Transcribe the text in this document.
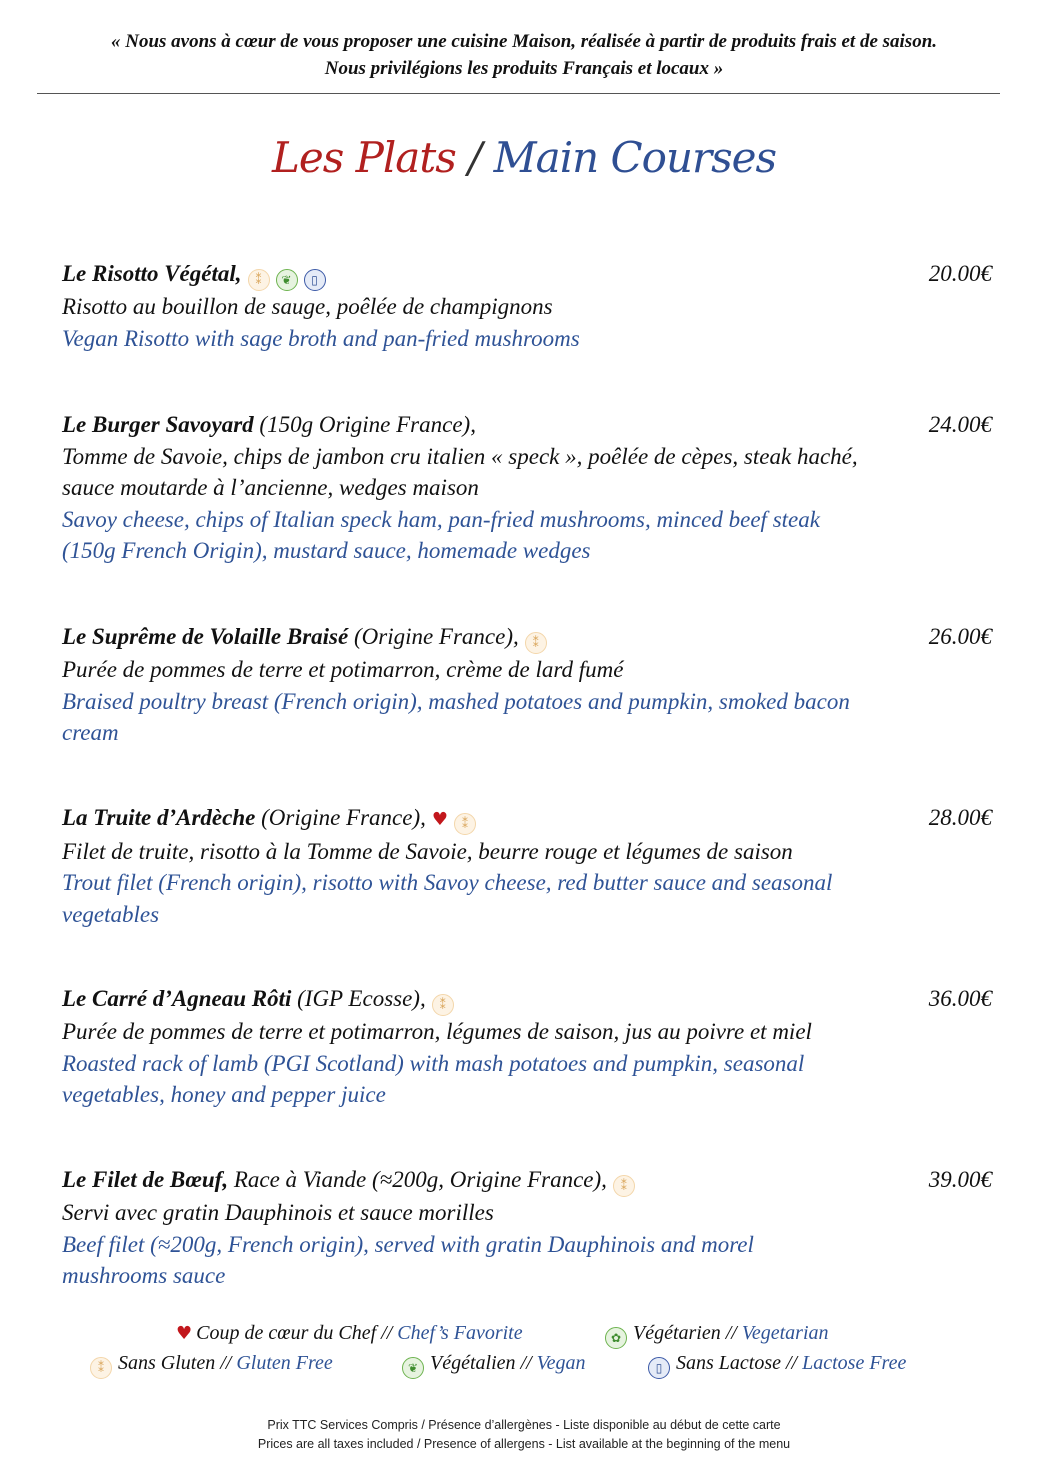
« Nous avons à cœur de vous proposer une cuisine Maison, réalisée à partir de produits frais et de saison.
Nous privilégions les produits Français et locaux »
Les Plats / Main Courses
20.00€
Le Risotto Végétal, ⁑ ❦ ▯
Risotto au bouillon de sauge, poêlée de champignons
Vegan Risotto with sage broth and pan-fried mushrooms
24.00€
Le Burger Savoyard (150g Origine France),
Tomme de Savoie, chips de jambon cru italien « speck », poêlée de cèpes, steak haché,
sauce moutarde à l’ancienne, wedges maison
Savoy cheese, chips of Italian speck ham, pan-fried mushrooms, minced beef steak
(150g French Origin), mustard sauce, homemade wedges
26.00€
Le Suprême de Volaille Braisé (Origine France), ⁑
Purée de pommes de terre et potimarron, crème de lard fumé
Braised poultry breast (French origin), mashed potatoes and pumpkin, smoked bacon
cream
28.00€
La Truite d’Ardèche (Origine France), ♥ ⁑
Filet de truite, risotto à la Tomme de Savoie, beurre rouge et légumes de saison
Trout filet (French origin), risotto with Savoy cheese, red butter sauce and seasonal
vegetables
36.00€
Le Carré d’Agneau Rôti (IGP Ecosse), ⁑
Purée de pommes de terre et potimarron, légumes de saison, jus au poivre et miel
Roasted rack of lamb (PGI Scotland) with mash potatoes and pumpkin, seasonal
vegetables, honey and pepper juice
39.00€
Le Filet de Bœuf, Race à Viande (≈200g, Origine France), ⁑
Servi avec gratin Dauphinois et sauce morilles
Beef filet (≈200g, French origin), served with gratin Dauphinois and morel
mushrooms sauce
♥ Coup de cœur du Chef // Chef’s Favorite	✿ Végétarien // Vegetarian
⁑ Sans Gluten // Gluten Free	❦ Végétalien // Vegan	▯ Sans Lactose // Lactose Free
Prix TTC Services Compris / Présence d’allergènes - Liste disponible au début de cette carte
Prices are all taxes included / Presence of allergens - List available at the beginning of the menu
